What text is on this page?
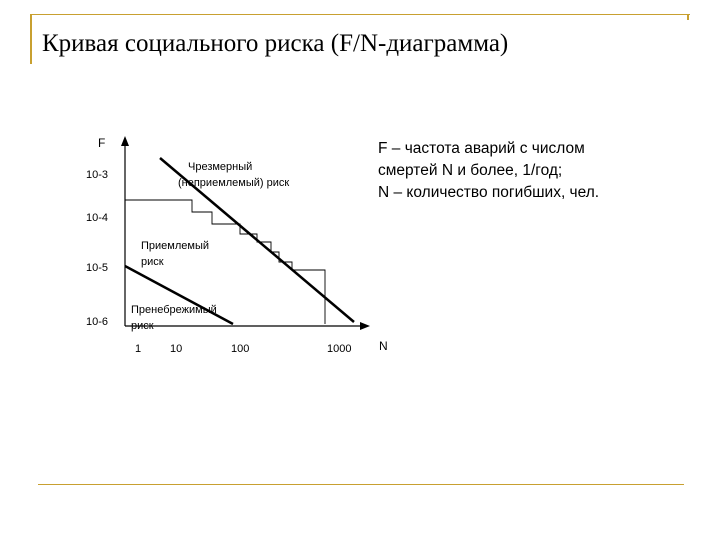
Кривая социального риска (F/N-диаграмма)
F
N
10-3
10-4
10-5
10-6
1	10	100	1000
Чрезмерный
(неприемлемый) риск
Приемлемый
риск
Пренебрежимый
риск
F – частота аварий с числом
смертей N и более, 1/год;
N – количество погибших, чел.
